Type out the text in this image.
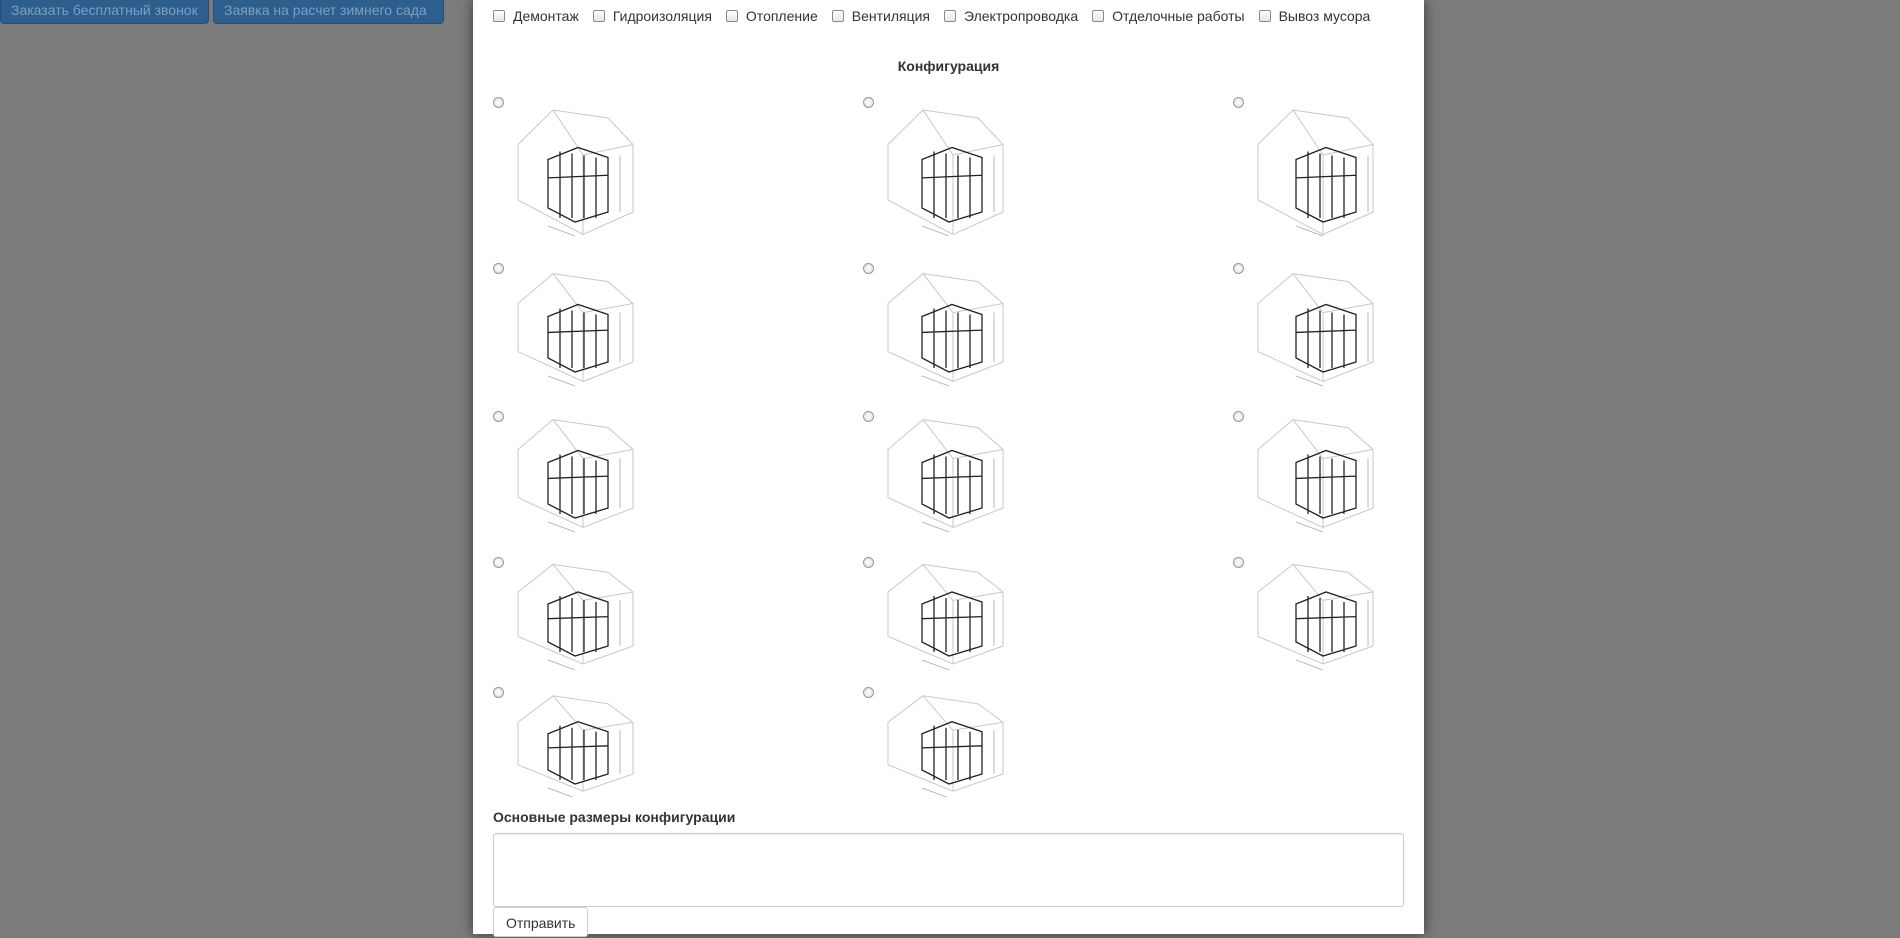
Заказать бесплатный звонок	Заявка на расчет зимнего сада	Демонтаж Гидроизоляция Отопление Вентиляция Электропроводка Отделочные работы Вывоз мусора
Конфигурация
Основные размеры конфигурации
Отправить
